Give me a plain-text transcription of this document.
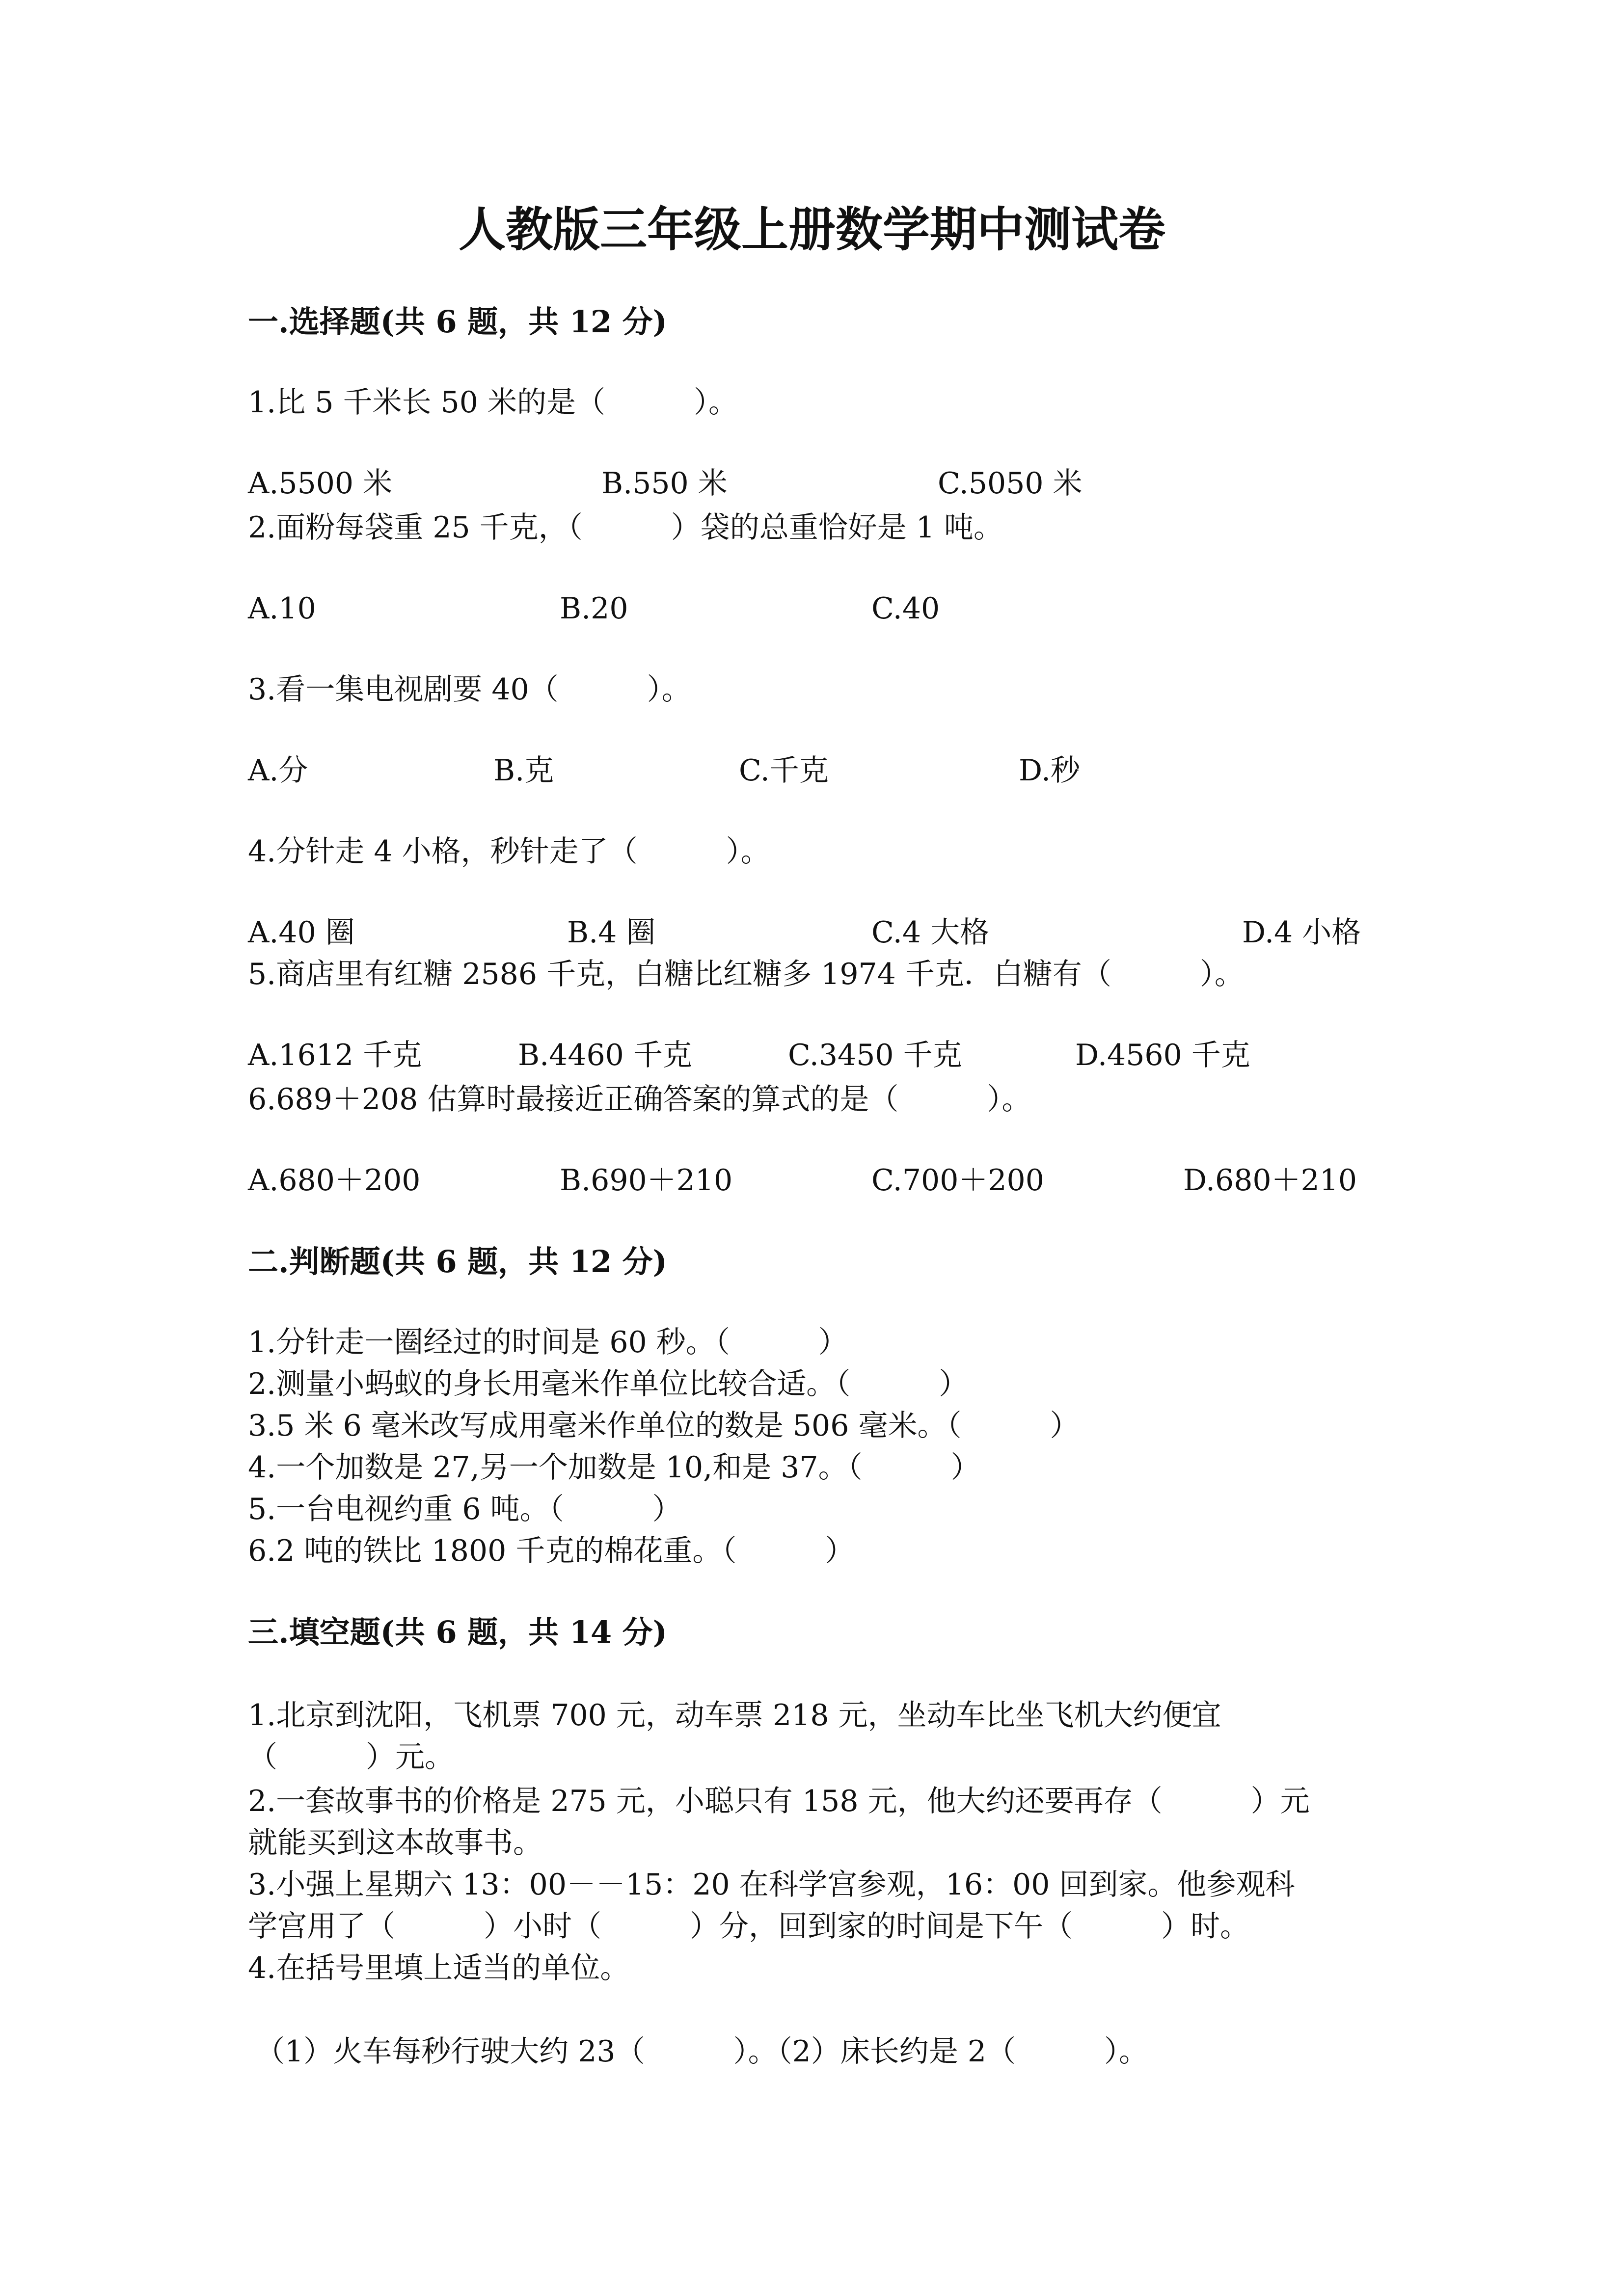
人教版三年级上册数学期中测试卷
一.选择题(共 6 题，共 12 分)
1.比 5 千米长 50 米的是（　　　）。
A.5500 米	B.550 米	C.5050 米
2.面粉每袋重 25 千克，（　　　）袋的总重恰好是 1 吨。
A.10	B.20	C.40
3.看一集电视剧要 40（　　　）。
A.分	B.克	C.千克	D.秒
4.分针走 4 小格，秒针走了（　　　）。
A.40 圈	B.4 圈	C.4 大格	D.4 小格
5.商店里有红糖 2586 千克，白糖比红糖多 1974 千克．白糖有（　　　）。
A.1612 千克	B.4460 千克	C.3450 千克	D.4560 千克
6.689＋208 估算时最接近正确答案的算式的是（　　　）。
A.680＋200	B.690＋210	C.700＋200	D.680＋210
二.判断题(共 6 题，共 12 分)
1.分针走一圈经过的时间是 60 秒。（　　　）
2.测量小蚂蚁的身长用毫米作单位比较合适。（　　　）
3.5 米 6 毫米改写成用毫米作单位的数是 506 毫米。（　　　）
4.一个加数是 27,另一个加数是 10,和是 37。（　　　）
5.一台电视约重 6 吨。（　　　）
6.2 吨的铁比 1800 千克的棉花重。（　　　）
三.填空题(共 6 题，共 14 分)
1.北京到沈阳，飞机票 700 元，动车票 218 元，坐动车比坐飞机大约便宜
（　　　）元。
2.一套故事书的价格是 275 元，小聪只有 158 元，他大约还要再存（　　　）元
就能买到这本故事书。
3.小强上星期六 13：00－－15：20 在科学宫参观，16：00 回到家。他参观科
学宫用了（　　　）小时（　　　）分，回到家的时间是下午（　　　）时。
4.在括号里填上适当的单位。
（1）火车每秒行驶大约 23（　　　）。（2）床长约是 2（　　　）。
